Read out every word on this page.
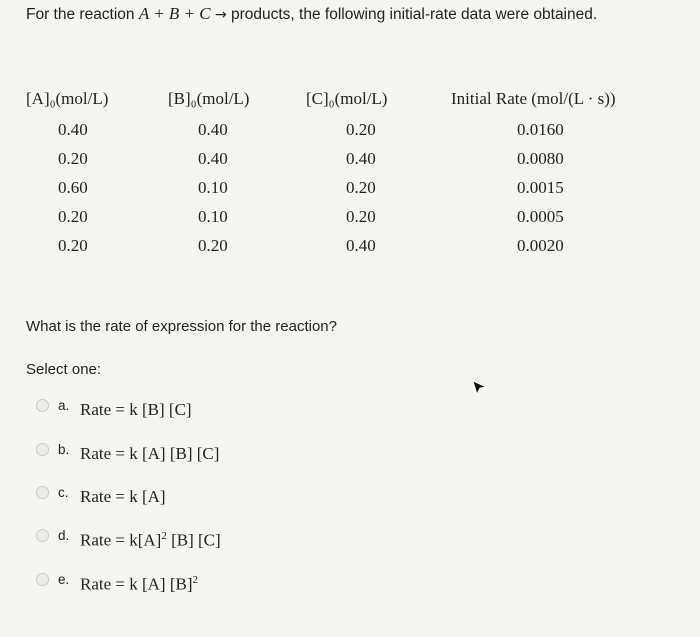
For the reaction A + B + C → products, the following initial-rate data were obtained.
[A]₀(mol/L)	[B]₀(mol/L)	[C]₀(mol/L)	Initial Rate (mol/(L · s))
0.40	0.40	0.20	0.0160
0.20	0.40	0.40	0.0080
0.60	0.10	0.20	0.0015
0.20	0.10	0.20	0.0005
0.20	0.20	0.40	0.0020
What is the rate of expression for the reaction?
Select one:
a. Rate = k [B] [C]
b. Rate = k [A] [B] [C]
c. Rate = k [A]
d. Rate = $k[A]^2$ [B] [C]
e. Rate = k [A] $[B]^2$
